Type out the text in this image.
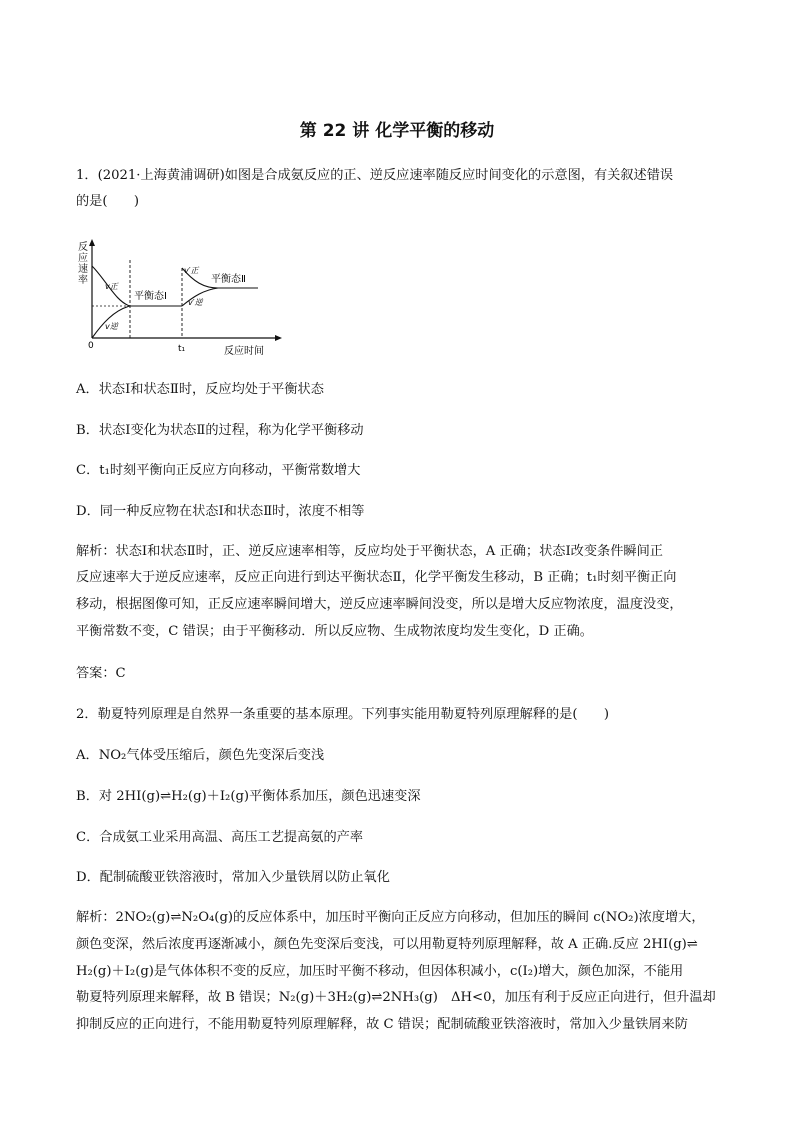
第 22 讲 化学平衡的移动
1．(2021·上海黄浦调研)如图是合成氨反应的正、逆反应速率随反应时间变化的示意图，有关叙述错误
的是(　　)
反
应
速
率
0	t₁	反应时间
v正
v逆
v′正
v′逆
平衡态Ⅰ
平衡态Ⅱ
A．状态Ⅰ和状态Ⅱ时，反应均处于平衡状态
B．状态Ⅰ变化为状态Ⅱ的过程，称为化学平衡移动
C．t₁时刻平衡向正反应方向移动，平衡常数增大
D．同一种反应物在状态Ⅰ和状态Ⅱ时，浓度不相等
解析：状态Ⅰ和状态Ⅱ时，正、逆反应速率相等，反应均处于平衡状态，A 正确；状态Ⅰ改变条件瞬间正
反应速率大于逆反应速率，反应正向进行到达平衡状态Ⅱ，化学平衡发生移动，B 正确；t₁时刻平衡正向
移动，根据图像可知，正反应速率瞬间增大，逆反应速率瞬间没变，所以是增大反应物浓度，温度没变，
平衡常数不变，C 错误；由于平衡移动．所以反应物、生成物浓度均发生变化，D 正确。
答案：C
2．勒夏特列原理是自然界一条重要的基本原理。下列事实能用勒夏特列原理解释的是(　　)
A．NO₂气体受压缩后，颜色先变深后变浅
B．对 2HI(g)⇌H₂(g)＋I₂(g)平衡体系加压，颜色迅速变深
C．合成氨工业采用高温、高压工艺提高氨的产率
D．配制硫酸亚铁溶液时，常加入少量铁屑以防止氧化
解析：2NO₂(g)⇌N₂O₄(g)的反应体系中，加压时平衡向正反应方向移动，但加压的瞬间 c(NO₂)浓度增大，
颜色变深，然后浓度再逐渐减小，颜色先变深后变浅，可以用勒夏特列原理解释，故 A 正确.反应 2HI(g)⇌
H₂(g)＋I₂(g)是气体体积不变的反应，加压时平衡不移动，但因体积减小，c(I₂)增大，颜色加深，不能用
勒夏特列原理来解释，故 B 错误；N₂(g)＋3H₂(g)⇌2NH₃(g)　ΔH<0，加压有利于反应正向进行，但升温却
抑制反应的正向进行，不能用勒夏特列原理解释，故 C 错误；配制硫酸亚铁溶液时，常加入少量铁屑来防
